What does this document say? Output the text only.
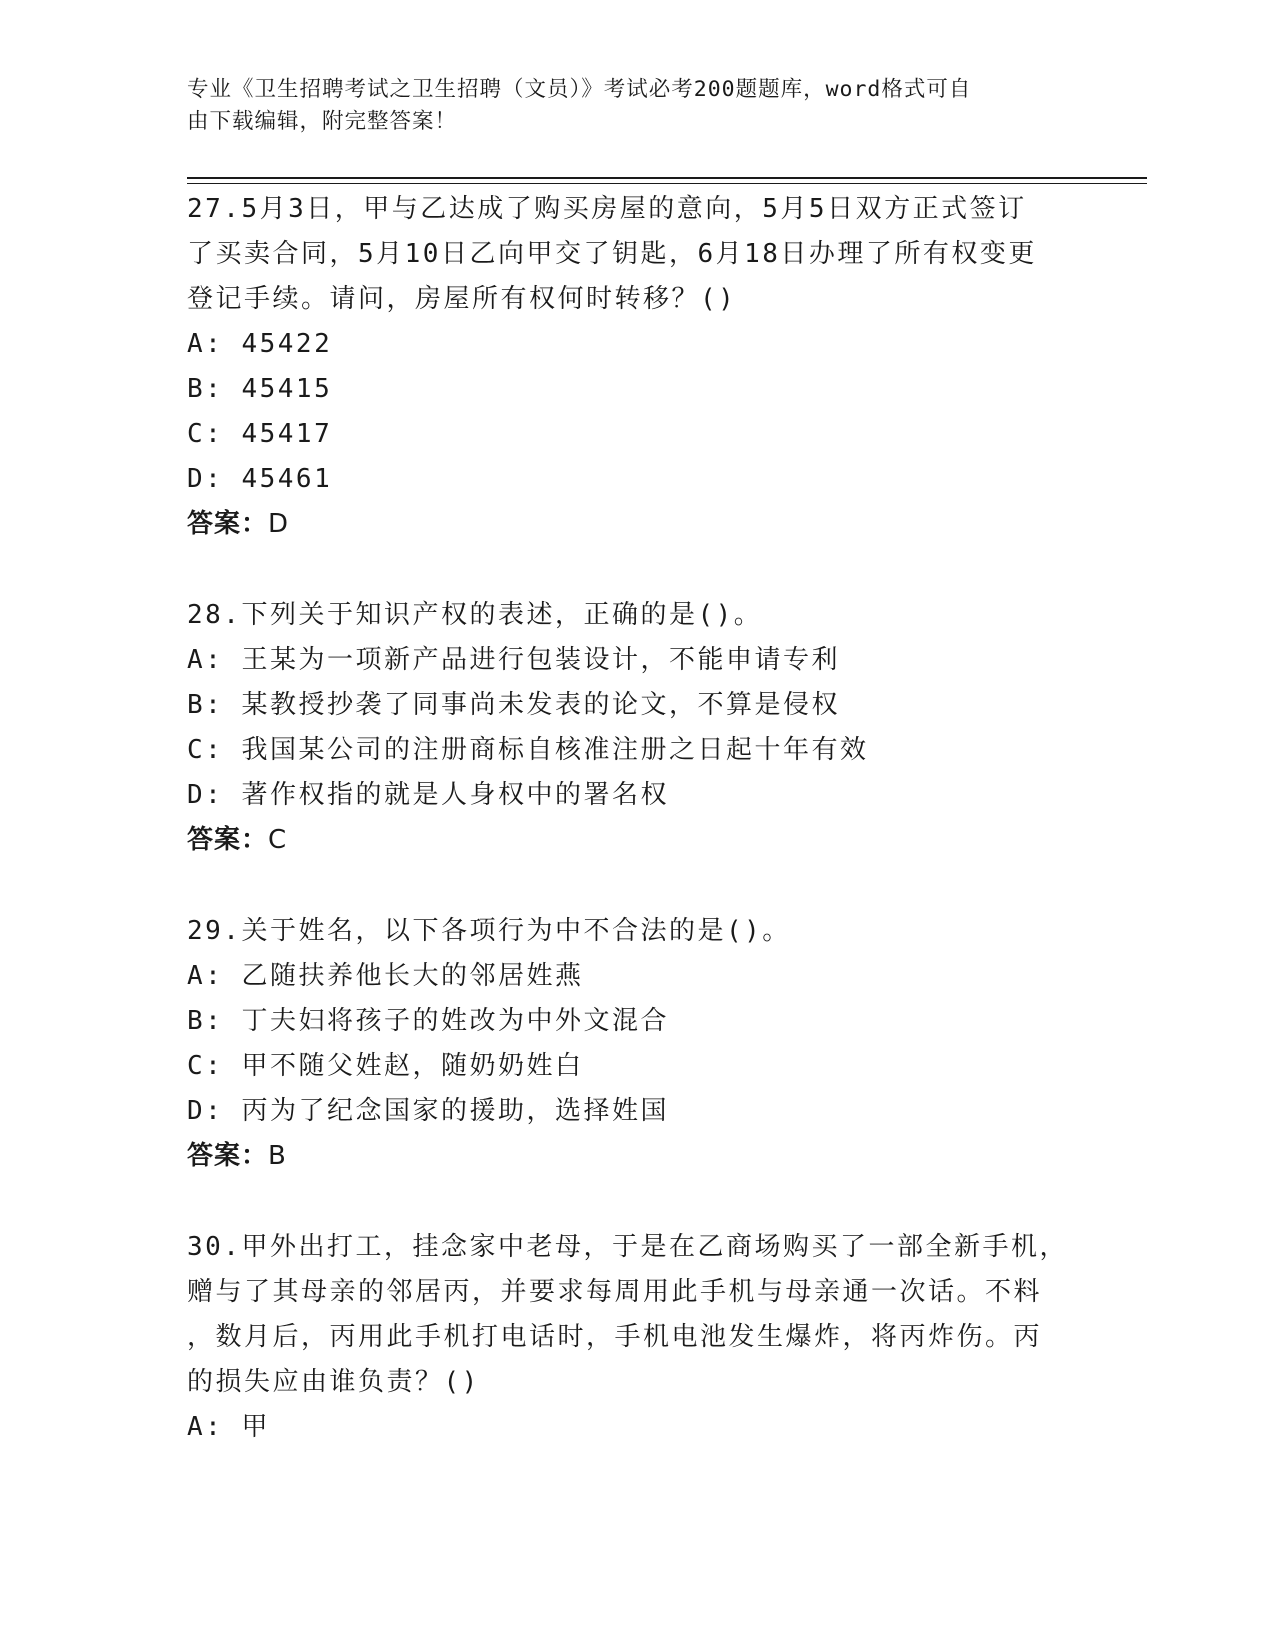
专业《卫生招聘考试之卫生招聘（文员）》考试必考200题题库，word格式可自
由下载编辑，附完整答案！
27.5月3日，甲与乙达成了购买房屋的意向，5月5日双方正式签订
了买卖合同，5月10日乙向甲交了钥匙，6月18日办理了所有权变更
登记手续。请问，房屋所有权何时转移？()
A: 45422
B: 45415
C: 45417
D: 45461
答案：D
28.下列关于知识产权的表述，正确的是()。
A: 王某为一项新产品进行包装设计，不能申请专利
B: 某教授抄袭了同事尚未发表的论文，不算是侵权
C: 我国某公司的注册商标自核准注册之日起十年有效
D: 著作权指的就是人身权中的署名权
答案：C
29.关于姓名，以下各项行为中不合法的是()。
A: 乙随扶养他长大的邻居姓燕
B: 丁夫妇将孩子的姓改为中外文混合
C: 甲不随父姓赵，随奶奶姓白
D: 丙为了纪念国家的援助，选择姓国
答案：B
30.甲外出打工，挂念家中老母，于是在乙商场购买了一部全新手机，
赠与了其母亲的邻居丙，并要求每周用此手机与母亲通一次话。不料
，数月后，丙用此手机打电话时，手机电池发生爆炸，将丙炸伤。丙
的损失应由谁负责？()
A: 甲
